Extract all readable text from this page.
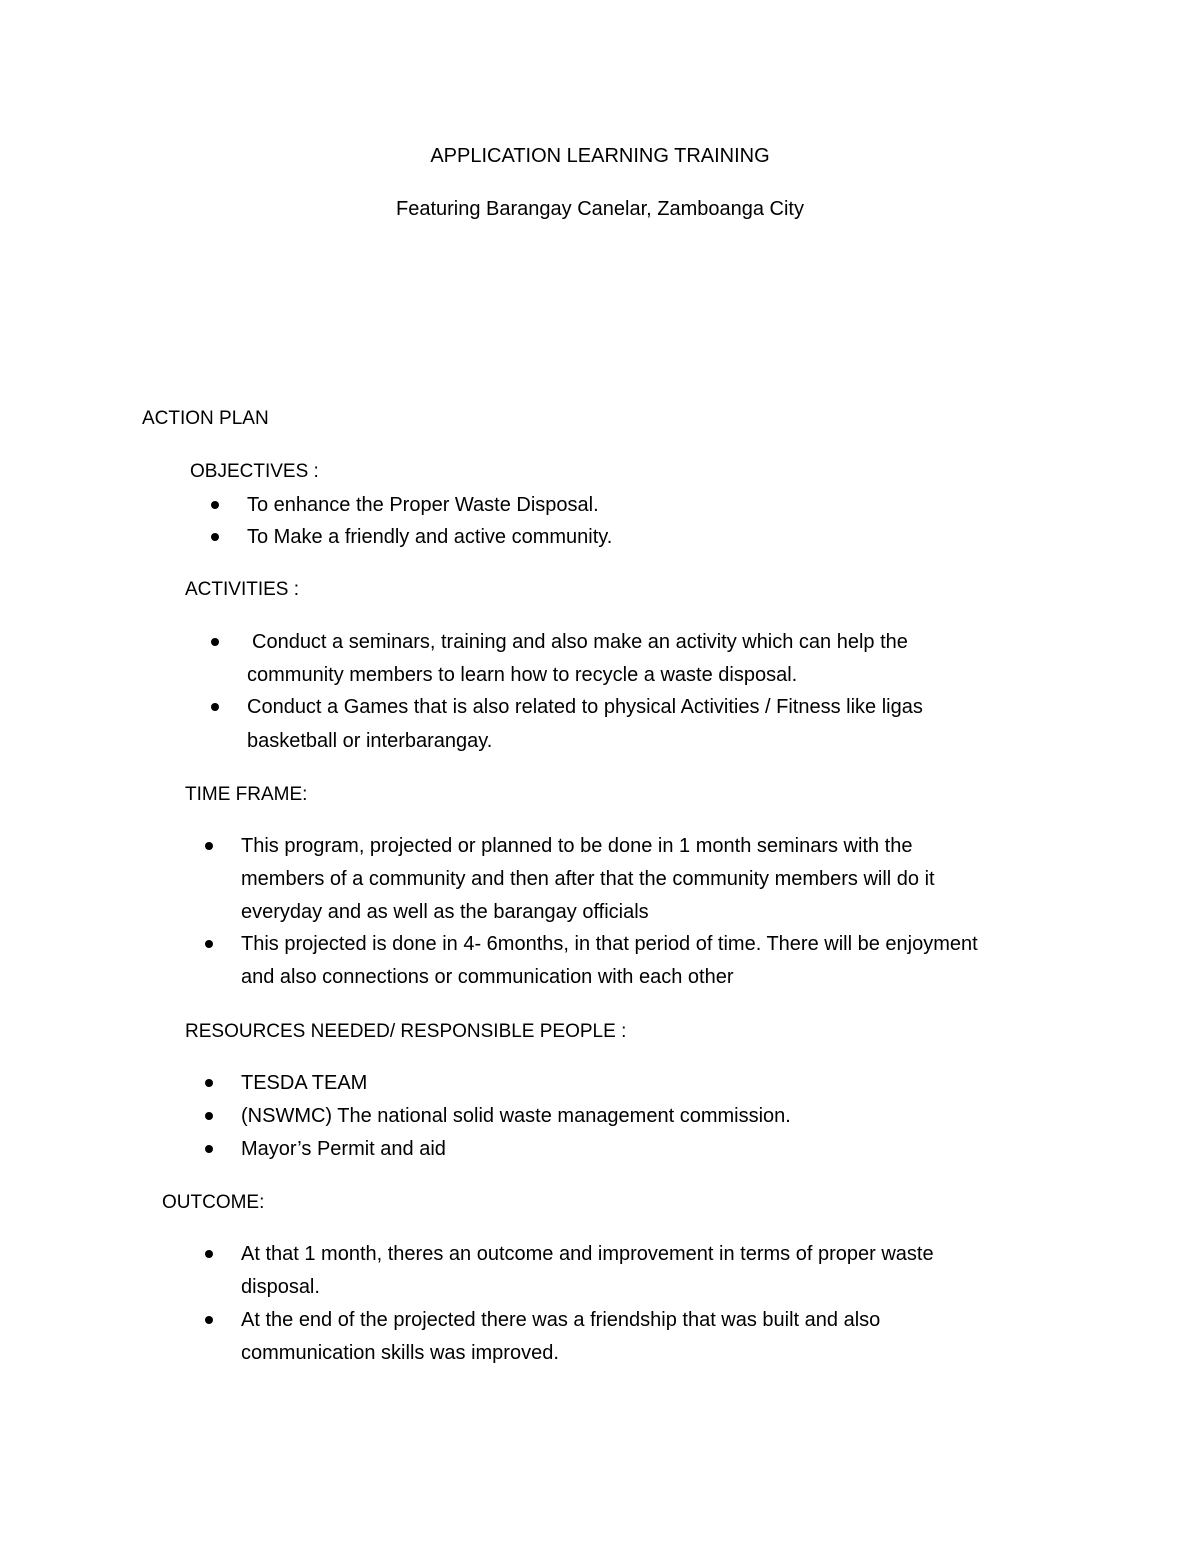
APPLICATION LEARNING TRAINING
Featuring Barangay Canelar, Zamboanga City
ACTION PLAN
OBJECTIVES :
To enhance the Proper Waste Disposal.
To Make a friendly and active community.
ACTIVITIES :
Conduct a seminars, training and also make an activity which can help the
community members to learn how to recycle a waste disposal.
Conduct a Games that is also related to physical Activities / Fitness like ligas
basketball or interbarangay.
TIME FRAME:
This program, projected or planned to be done in 1 month seminars with the
members of a community and then after that the community members will do it
everyday and as well as the barangay officials
This projected is done in 4- 6months, in that period of time. There will be enjoyment
and also connections or communication with each other
RESOURCES NEEDED/ RESPONSIBLE PEOPLE :
TESDA TEAM
(NSWMC) The national solid waste management commission.
Mayor’s Permit and aid
OUTCOME:
At that 1 month, theres an outcome and improvement in terms of proper waste
disposal.
At the end of the projected there was a friendship that was built and also
communication skills was improved.
